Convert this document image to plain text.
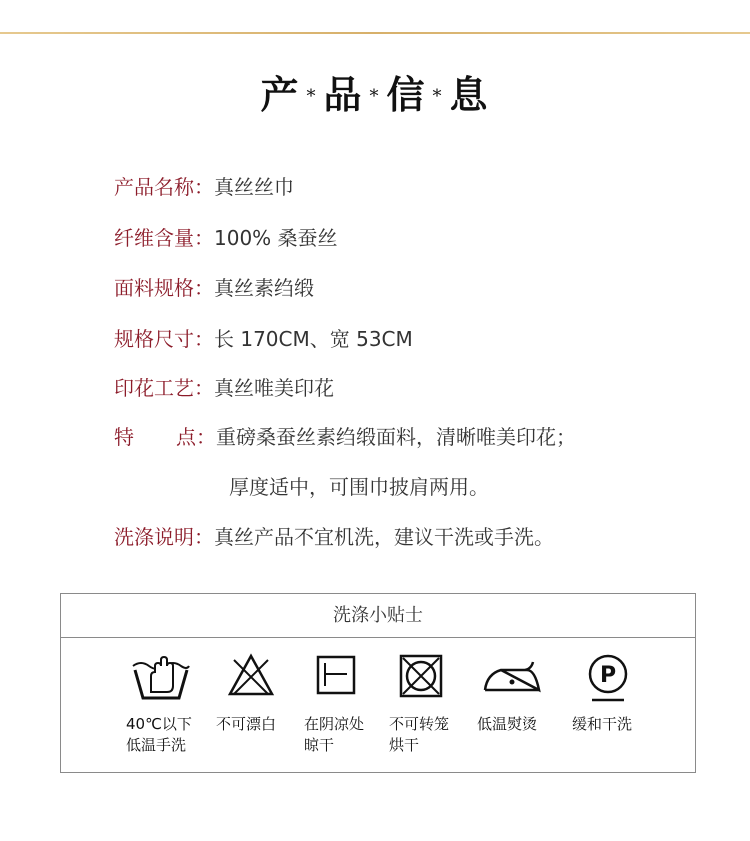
产 * 品 * 信 * 息
产品名称：真丝丝巾
纤维含量：100% 桑蚕丝
面料规格：真丝素绉缎
规格尺寸：长 170CM、宽 53CM
印花工艺：真丝唯美印花
特 点：重磅桑蚕丝素绉缎面料，清晰唯美印花；
厚度适中，可围巾披肩两用。
洗涤说明：真丝产品不宜机洗，建议干洗或手洗。
洗涤小贴士
40℃以下
低温手洗
不可漂白 在阴凉处
晾干
不可转笼
烘干
低温熨烫
P
缓和干洗
